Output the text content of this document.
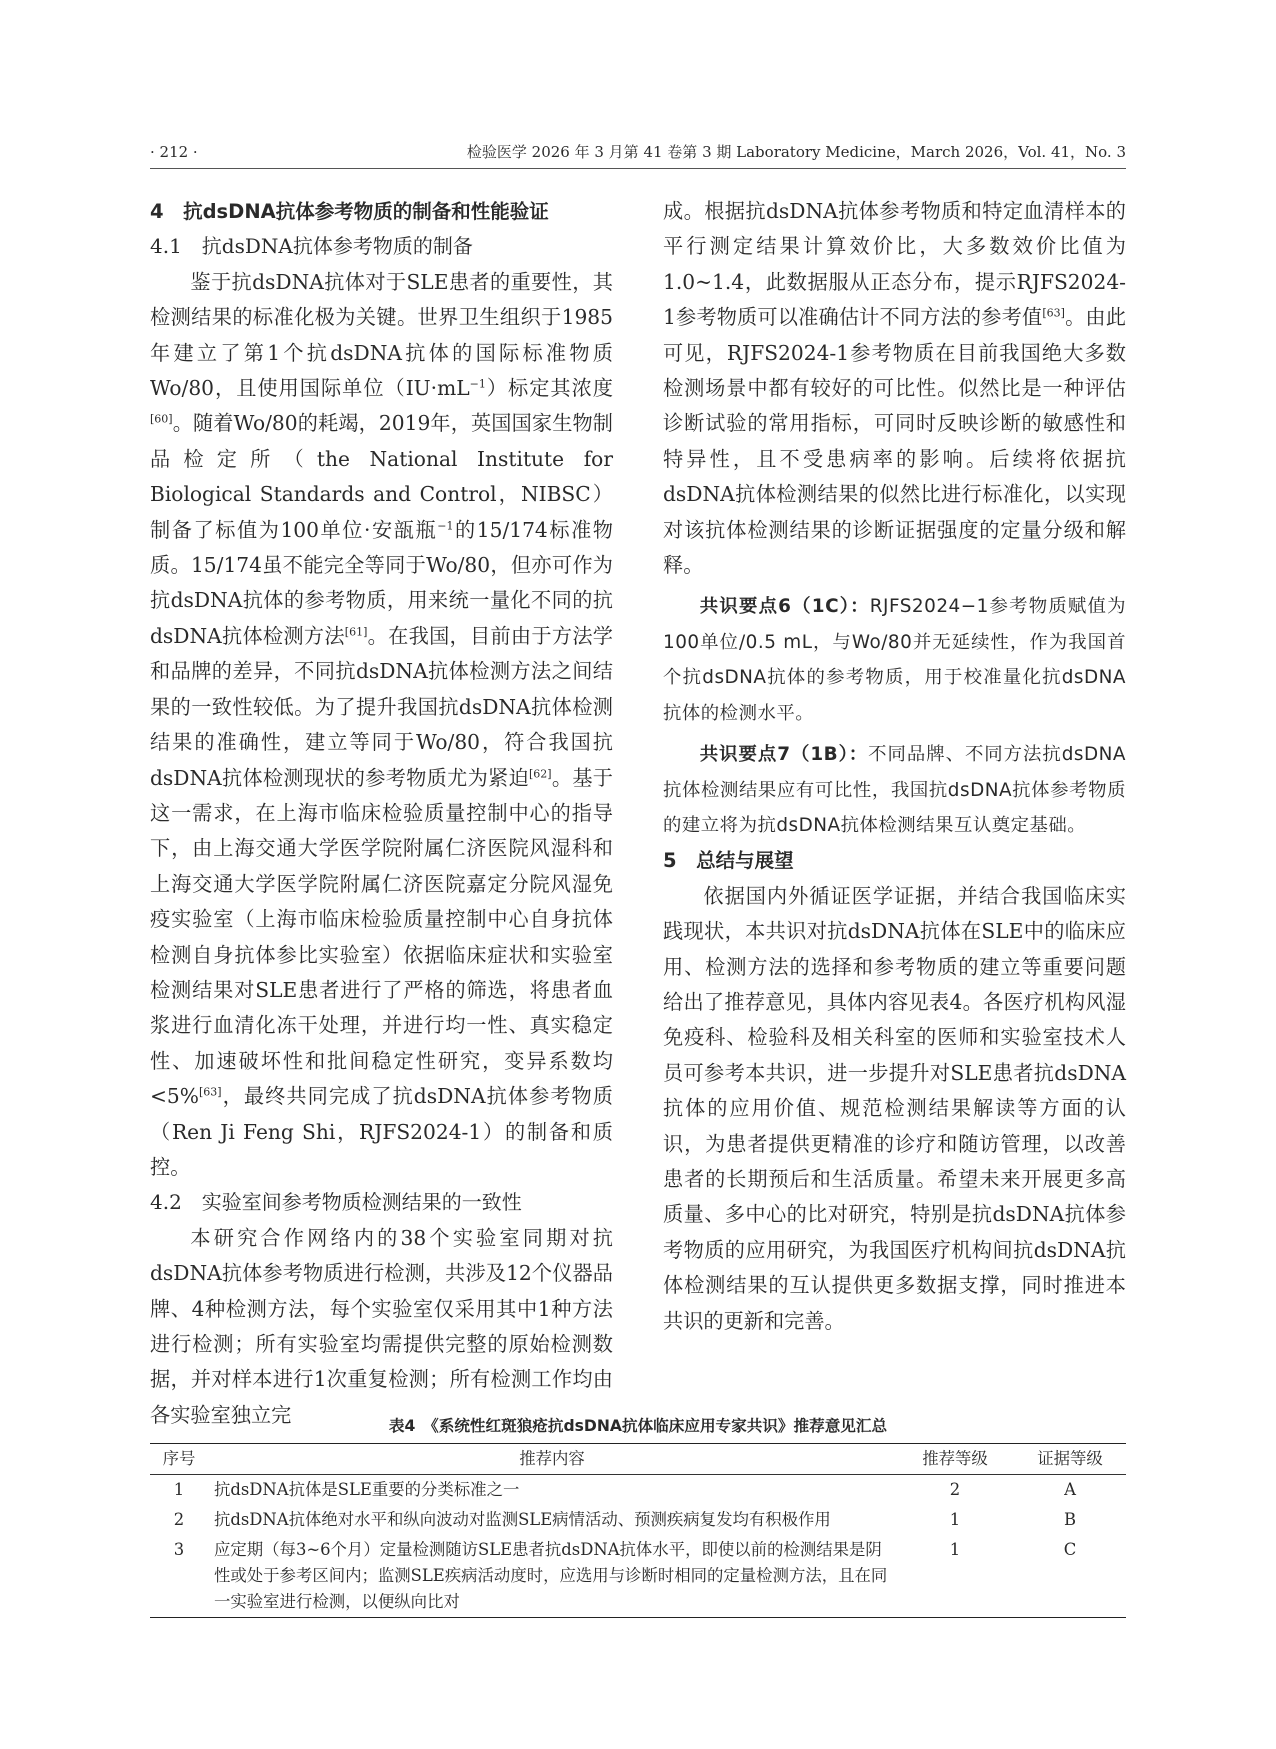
· 212 ·	检验医学 2026 年 3 月第 41 卷第 3 期 Laboratory Medicine，March 2026，Vol. 41，No. 3

4　抗dsDNA抗体参考物质的制备和性能验证

4.1　抗dsDNA抗体参考物质的制备

鉴于抗dsDNA抗体对于SLE患者的重要性，其检测结果的标准化极为关键。世界卫生组织于1985年建立了第1个抗dsDNA抗体的国际标准物质Wo/80，且使用国际单位$(IU\cdot mL^{-1})$标定其浓度[60]。随着Wo/80的耗竭，2019年，英国国家生物制品检定所（the National Institute for Biological Standards and Control，NIBSC）制备了标值为100单位·安瓿瓶$^{-1}$的15/174标准物质。15/174虽不能完全等同于Wo/80，但亦可作为抗dsDNA抗体的参考物质，用来统一量化不同的抗dsDNA抗体检测方法[61]。在我国，目前由于方法学和品牌的差异，不同抗dsDNA抗体检测方法之间结果的一致性较低。为了提升我国抗dsDNA抗体检测结果的准确性，建立等同于Wo/80，符合我国抗dsDNA抗体检测现状的参考物质尤为紧迫[62]。基于这一需求，在上海市临床检验质量控制中心的指导下，由上海交通大学医学院附属仁济医院风湿科和上海交通大学医学院附属仁济医院嘉定分院风湿免疫实验室（上海市临床检验质量控制中心自身抗体检测自身抗体参比实验室）依据临床症状和实验室检测结果对SLE患者进行了严格的筛选，将患者血浆进行血清化冻干处理，并进行均一性、真实稳定性、加速破坏性和批间稳定性研究，变异系数均<5%[63]，最终共同完成了抗dsDNA抗体参考物质（Ren Ji Feng Shi，RJFS2024-1）的制备和质控。

4.2　实验室间参考物质检测结果的一致性

本研究合作网络内的38个实验室同期对抗dsDNA抗体参考物质进行检测，共涉及12个仪器品牌、4种检测方法，每个实验室仅采用其中1种方法进行检测；所有实验室均需提供完整的原始检测数据，并对样本进行1次重复检测；所有检测工作均由各实验室独立完

成。根据抗dsDNA抗体参考物质和特定血清样本的平行测定结果计算效价比，大多数效价比值为1.0~1.4，此数据服从正态分布，提示RJFS2024-1参考物质可以准确估计不同方法的参考值[63]。由此可见，RJFS2024-1参考物质在目前我国绝大多数检测场景中都有较好的可比性。似然比是一种评估诊断试验的常用指标，可同时反映诊断的敏感性和特异性，且不受患病率的影响。后续将依据抗dsDNA抗体检测结果的似然比进行标准化，以实现对该抗体检测结果的诊断证据强度的定量分级和解释。

共识要点6（1C）：RJFS2024−1参考物质赋值为100单位/0.5 mL，与Wo/80并无延续性，作为我国首个抗dsDNA抗体的参考物质，用于校准量化抗dsDNA抗体的检测水平。

共识要点7（1B）：不同品牌、不同方法抗dsDNA抗体检测结果应有可比性，我国抗dsDNA抗体参考物质的建立将为抗dsDNA抗体检测结果互认奠定基础。

5　总结与展望

依据国内外循证医学证据，并结合我国临床实践现状，本共识对抗dsDNA抗体在SLE中的临床应用、检测方法的选择和参考物质的建立等重要问题给出了推荐意见，具体内容见表4。各医疗机构风湿免疫科、检验科及相关科室的医师和实验室技术人员可参考本共识，进一步提升对SLE患者抗dsDNA抗体的应用价值、规范检测结果解读等方面的认识，为患者提供更精准的诊疗和随访管理，以改善患者的长期预后和生活质量。希望未来开展更多高质量、多中心的比对研究，特别是抗dsDNA抗体参考物质的应用研究，为我国医疗机构间抗dsDNA抗体检测结果的互认提供更多数据支撑，同时推进本共识的更新和完善。

表4　《系统性红斑狼疮抗dsDNA抗体临床应用专家共识》推荐意见汇总
序号	推荐内容	推荐等级	证据等级
1	抗dsDNA抗体是SLE重要的分类标准之一	2	A
2	抗dsDNA抗体绝对水平和纵向波动对监测SLE病情活动、预测疾病复发均有积极作用	1	B
3	应定期（每3~6个月）定量检测随访SLE患者抗dsDNA抗体水平，即使以前的检测结果是阴性或处于参考区间内；监测SLE疾病活动度时，应选用与诊断时相同的定量检测方法，且在同一实验室进行检测，以便纵向比对	1	C
